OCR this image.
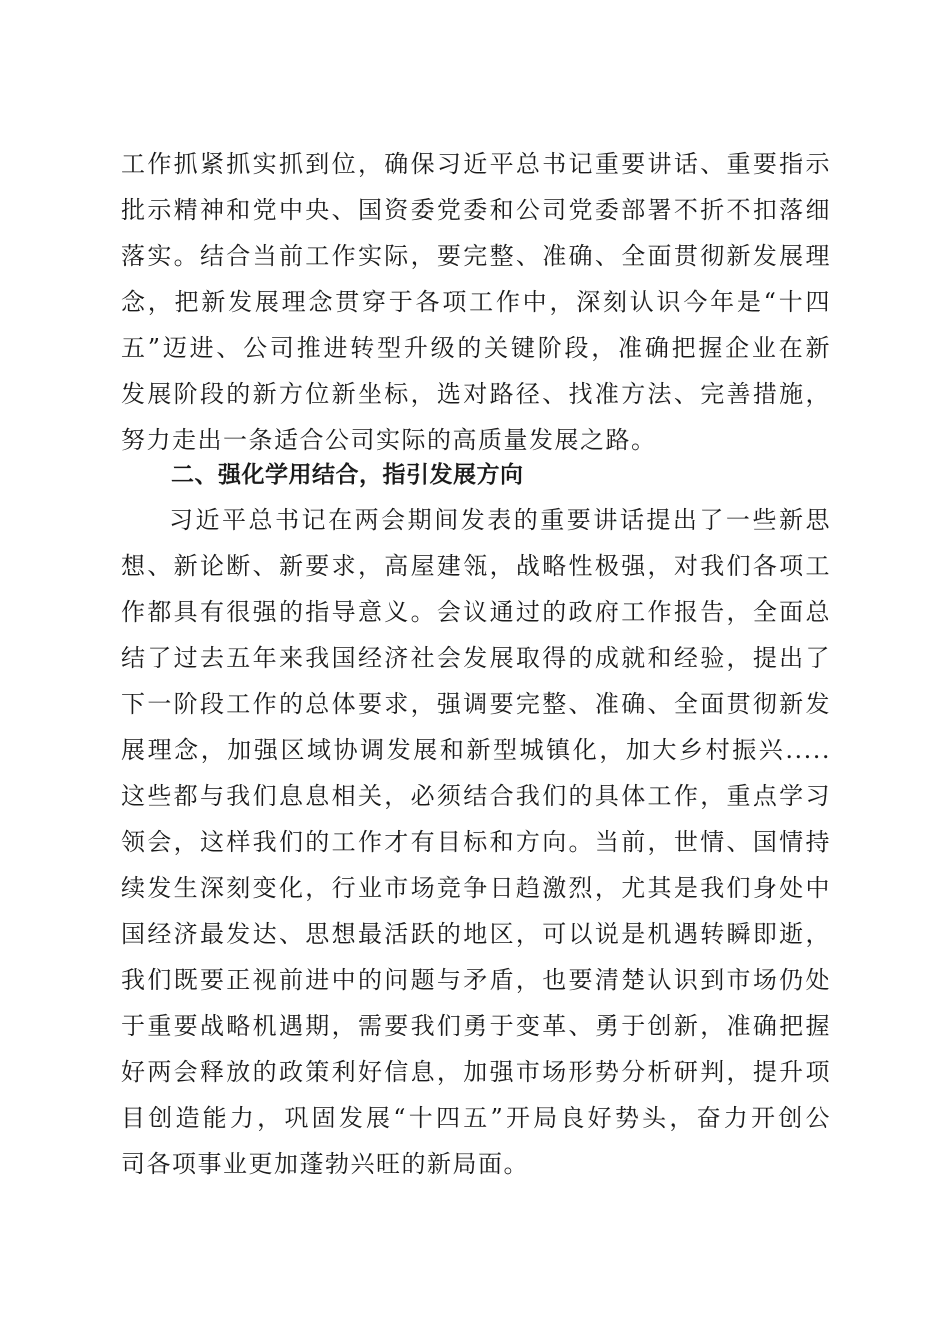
工作抓紧抓实抓到位，确保习近平总书记重要讲话、重要指示
批示精神和党中央、国资委党委和公司党委部署不折不扣落细
落实。结合当前工作实际，要完整、准确、全面贯彻新发展理
念，把新发展理念贯穿于各项工作中，深刻认识今年是“十四
五”迈进、公司推进转型升级的关键阶段，准确把握企业在新
发展阶段的新方位新坐标，选对路径、找准方法、完善措施，
努力走出一条适合公司实际的高质量发展之路。
二、强化学用结合，指引发展方向
习近平总书记在两会期间发表的重要讲话提出了一些新思
想、新论断、新要求，高屋建瓴，战略性极强，对我们各项工
作都具有很强的指导意义。会议通过的政府工作报告，全面总
结了过去五年来我国经济社会发展取得的成就和经验，提出了
下一阶段工作的总体要求，强调要完整、准确、全面贯彻新发
展理念，加强区域协调发展和新型城镇化，加大乡村振兴.....
这些都与我们息息相关，必须结合我们的具体工作，重点学习
领会，这样我们的工作才有目标和方向。当前，世情、国情持
续发生深刻变化，行业市场竞争日趋激烈，尤其是我们身处中
国经济最发达、思想最活跃的地区，可以说是机遇转瞬即逝，
我们既要正视前进中的问题与矛盾，也要清楚认识到市场仍处
于重要战略机遇期，需要我们勇于变革、勇于创新，准确把握
好两会释放的政策利好信息，加强市场形势分析研判，提升项
目创造能力，巩固发展“十四五”开局良好势头，奋力开创公
司各项事业更加蓬勃兴旺的新局面。
